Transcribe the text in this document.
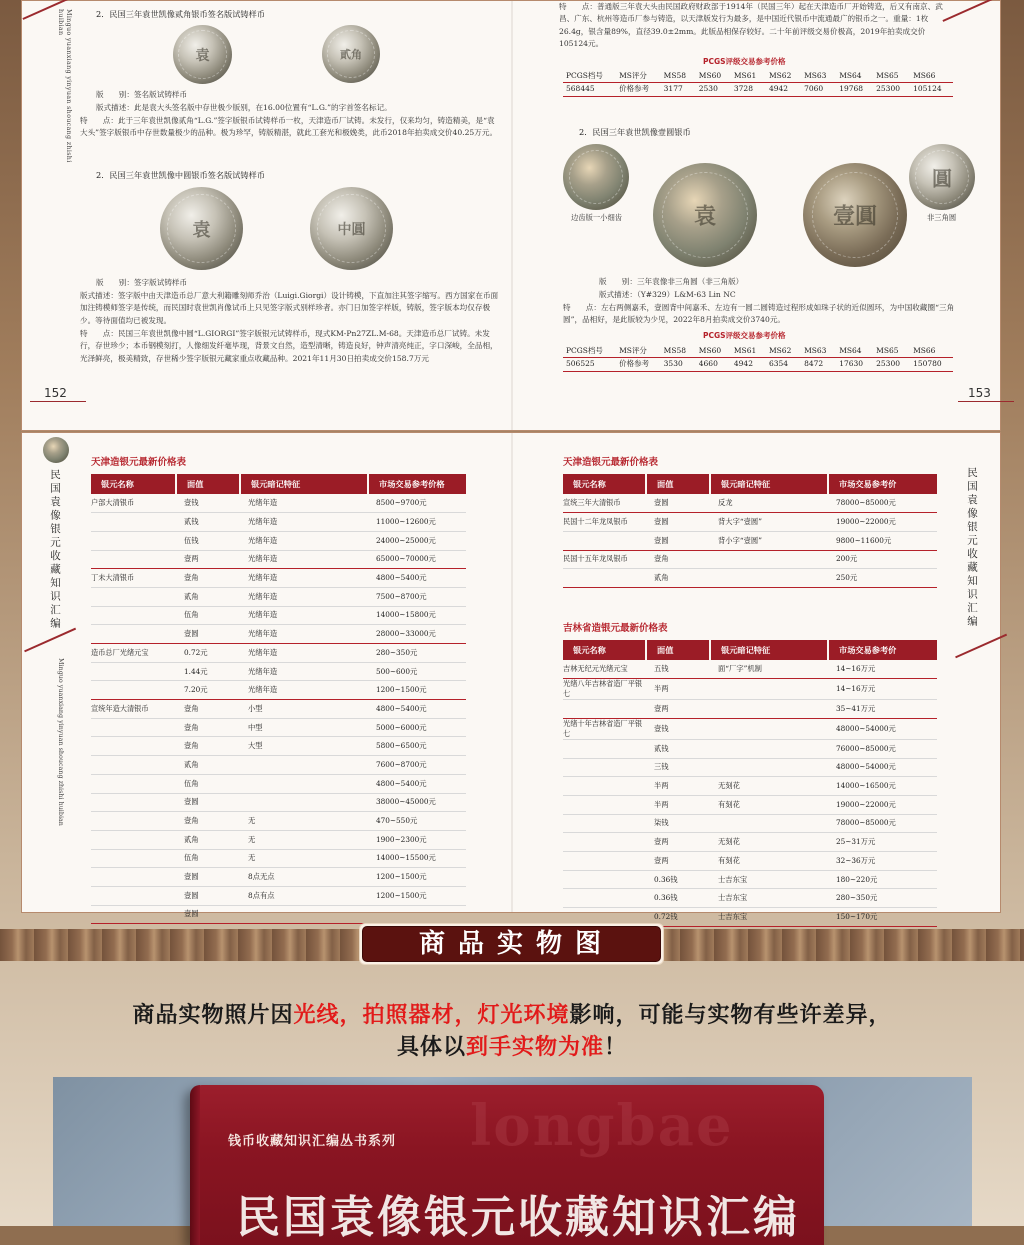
Minguo yuanxiang yinyuan shoucang zhishi huibian	2．民国三年袁世凯像贰角银币签名版试铸样币
袁	貳角
版　　别：签名版试铸样币
版式描述：此是袁大头签名版中存世极少版别，在16.00位置有“L.G.”的字首签名标记。
特　　点：此于三年袁世凯像贰角“L.G.”签字版银币试铸样币一枚，天津造币厂试铸。未发行，仅来均匀，铸造精美，是“袁大头”签字版银币中存世数量极少的品种。极为珍罕，铸版精湛，就此工套光和极娩类，此币2018年拍卖成交价40.25万元。
2．民国三年袁世凯像中圆银币签名版试铸样币
袁	中圓
版　　别：签字版试铸样币
版式描述：签字版中由天津造币总厂意大利籍雕刻师乔治（Luigi.Giorgi）设计铸模，下直加注其签字缩写。西方国家在币面加注铸模师签字是传统，而民国时袁世凯肖像试币上只见签字版式别样珍者。亦门日加签字样版，铸版，签字版本均仅存极少。等待面值均已被发现。
特　　点：民国三年袁世凯像中圆“L.GIORGI”签字版银元试铸样币，现式KM-Pn27ZL.M-68。天津造币总厂试铸。未发行，存世珍少；本币钢模刻打，人像细发纤毫毕现，背景文自然，造型清晰，铸造良好，钟声清亮纯正，字口深峻，全品相，光泽鲜亮，极美精致，存世稀少签字版银元藏家重点收藏品种。2021年11月30日拍卖成交价158.7万元
152
特　　点：普通版三年袁大头由民国政府财政部于1914年（民国三年）起在天津造币厂开始铸造，后又有南京、武昌、广东、杭州等造币厂参与铸造，以天津版发行为最多，是中国近代银币中流通最广的银币之一。重量：1枚26.4g，银含量89%，直径39.0±2mm。此版品相保存较好。二十年前评级交易价极高，2019年拍卖成交价105124元。
PCGS评级交易参考价格
PCGS档号	MS评分	MS58	MS60	MS61	MS62	MS63	MS64	MS65	MS66
568445	价格参考	3177	2530	3728	4942	7060	19768	25300	105124
2．民国三年袁世凯像壹圆银币
边齿版一小细齿	袁	壹圓
圓
非三角圆
版　　别：三年袁像非三角圆（非三角版）
版式描述：（Y#329）L&M-63 Lin NC
特　　点：左右两侧嘉禾，壹圆背中间嘉禾、左边有一圆二圆铸造过程形成如珠子状的近似圆环，为中国收藏圈“三角圆”，品相好，是此版较为少见，2022年8月拍卖成交价3740元。
PCGS评级交易参考价格
PCGS档号	MS评分	MS58	MS60	MS61	MS62	MS63	MS64	MS65	MS66
506525	价格参考	3530	4660	4942	6354	8472	17630	25300	150780
153
民国袁像银元收藏知识汇编
Minguo yuanxiang yinyuan shoucang zhishi huibian
天津造银元最新价格表
银元名称	面值	银元暗记特征	市场交易参考价格
户部大清银币	壹钱	光绪年造	8500~9700元
	贰钱	光绪年造	11000~12600元
	伍钱	光绪年造	24000~25000元
	壹两	光绪年造	65000~70000元
丁未大清银币	壹角	光绪年造	4800~5400元
	贰角	光绪年造	7500~8700元
	伍角	光绪年造	14000~15800元
	壹圆	光绪年造	28000~33000元
造币总厂光绪元宝	0.72元	光绪年造	280~350元
	1.44元	光绪年造	500~600元
	7.20元	光绪年造	1200~1500元
宣统年造大清银币	壹角	小型	4800~5400元
	壹角	中型	5000~6000元
	壹角	大型	5800~6500元
	贰角		7600~8700元
	伍角		4800~5400元
	壹圆		38000~45000元
	壹角	无	470~550元
	贰角	无	1900~2300元
	伍角	无	14000~15500元
	壹圆	8点无点	1200~1500元
	壹圆	8点有点	1200~1500元
	壹圆		
民国袁像银元收藏知识汇编
天津造银元最新价格表
银元名称	面值	银元暗记特征	市场交易参考价
宣统三年大清银币	壹圆	反龙	78000~85000元
民国十二年龙凤银币	壹圆	背大字“壹圆”	19000~22000元
	壹圆	背小字“壹圆”	9800~11600元
民国十五年龙凤银币	壹角		200元
	贰角		250元
吉林省造银元最新价格表
银元名称	面值	银元暗记特征	市场交易参考价
吉林无纪元光绪元宝	五钱	面“厂字”机制	14~16万元
光绪八年吉林省造厂平银七	半两		14~16万元
	壹两		35~41万元
光绪十年吉林省造厂平银七	壹钱		48000~54000元
	贰钱		76000~85000元
	三钱		48000~54000元
	半两	无刻花	14000~16500元
	半两	有刻花	19000~22000元
	柒钱		78000~85000元
	壹两	无刻花	25~31万元
	壹两	有刻花	32~36万元
	0.36钱	士吉东宝	180~220元
	0.36钱	士吉东宝	280~350元
	0.72钱	士吉东宝	150~170元
商品实物图
商品实物照片因光线，拍照器材，灯光环境影响，可能与实物有些许差异，
具体以到手实物为准！
longbae
钱币收藏知识汇编丛书系列
民国袁像银元收藏知识汇编
